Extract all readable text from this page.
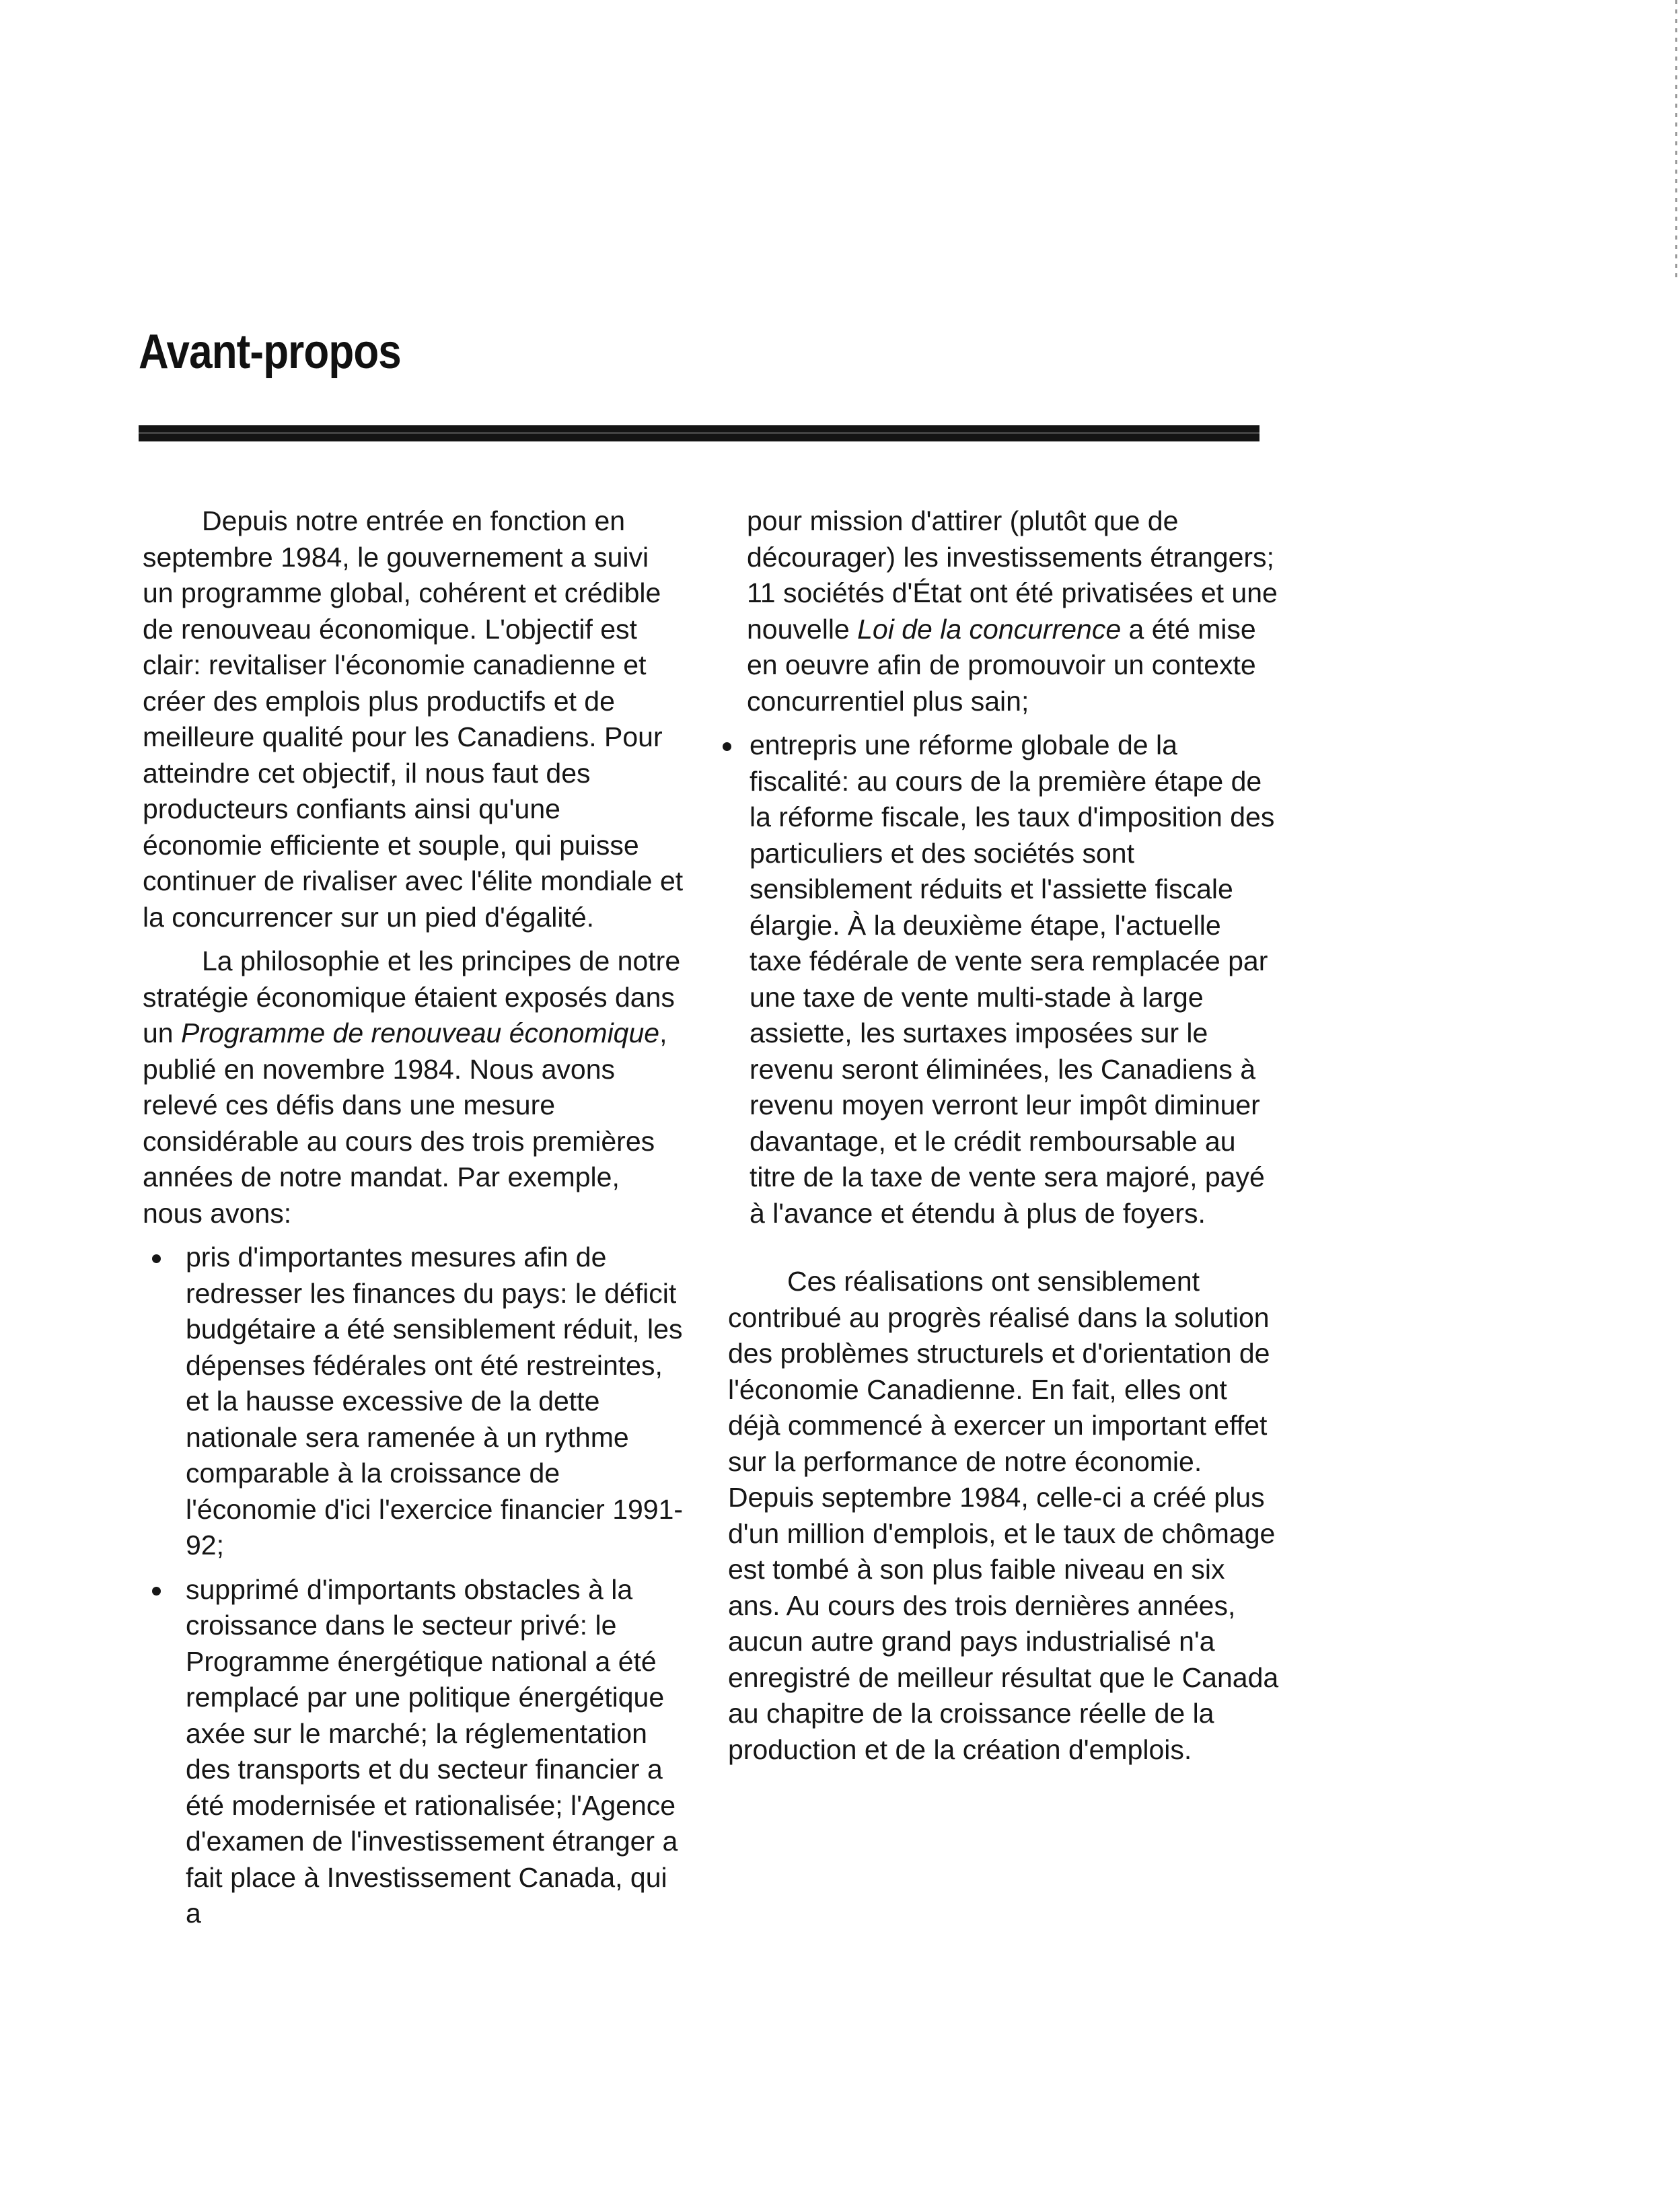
Avant-propos

Depuis notre entrée en fonction en septembre 1984, le gouvernement a suivi un programme global, cohérent et crédible de renouveau économique. L'objectif est clair: revitaliser l'économie canadienne et créer des emplois plus productifs et de meilleure qualité pour les Canadiens. Pour atteindre cet objectif, il nous faut des producteurs confiants ainsi qu'une économie efficiente et souple, qui puisse continuer de rivaliser avec l'élite mondiale et la concurrencer sur un pied d'égalité.

La philosophie et les principes de notre stratégie économique étaient exposés dans un Programme de renouveau économique, publié en novembre 1984. Nous avons relevé ces défis dans une mesure considérable au cours des trois premières années de notre mandat. Par exemple, nous avons:

pris d'importantes mesures afin de redresser les finances du pays: le déficit budgétaire a été sensiblement réduit, les dépenses fédérales ont été restreintes, et la hausse excessive de la dette nationale sera ramenée à un rythme comparable à la croissance de l'économie d'ici l'exercice financier 1991-92;
supprimé d'importants obstacles à la croissance dans le secteur privé: le Programme énergétique national a été remplacé par une politique énergétique axée sur le marché; la réglementation des transports et du secteur financier a été modernisée et rationalisée; l'Agence d'examen de l'investissement étranger a fait place à Investissement Canada, qui a

pour mission d'attirer (plutôt que de décourager) les investissements étrangers; 11 sociétés d'État ont été privatisées et une nouvelle Loi de la concurrence a été mise en oeuvre afin de promouvoir un contexte concurrentiel plus sain;

entrepris une réforme globale de la fiscalité: au cours de la première étape de la réforme fiscale, les taux d'imposition des particuliers et des sociétés sont sensiblement réduits et l'assiette fiscale élargie. À la deuxième étape, l'actuelle taxe fédérale de vente sera remplacée par une taxe de vente multi-stade à large assiette, les surtaxes imposées sur le revenu seront éliminées, les Canadiens à revenu moyen verront leur impôt diminuer davantage, et le crédit remboursable au titre de la taxe de vente sera majoré, payé à l'avance et étendu à plus de foyers.

Ces réalisations ont sensiblement contribué au progrès réalisé dans la solution des problèmes structurels et d'orientation de l'économie Canadienne. En fait, elles ont déjà commencé à exercer un important effet sur la performance de notre économie. Depuis septembre 1984, celle-ci a créé plus d'un million d'emplois, et le taux de chômage est tombé à son plus faible niveau en six ans. Au cours des trois dernières années, aucun autre grand pays industrialisé n'a enregistré de meilleur résultat que le Canada au chapitre de la croissance réelle de la production et de la création d'emplois.
